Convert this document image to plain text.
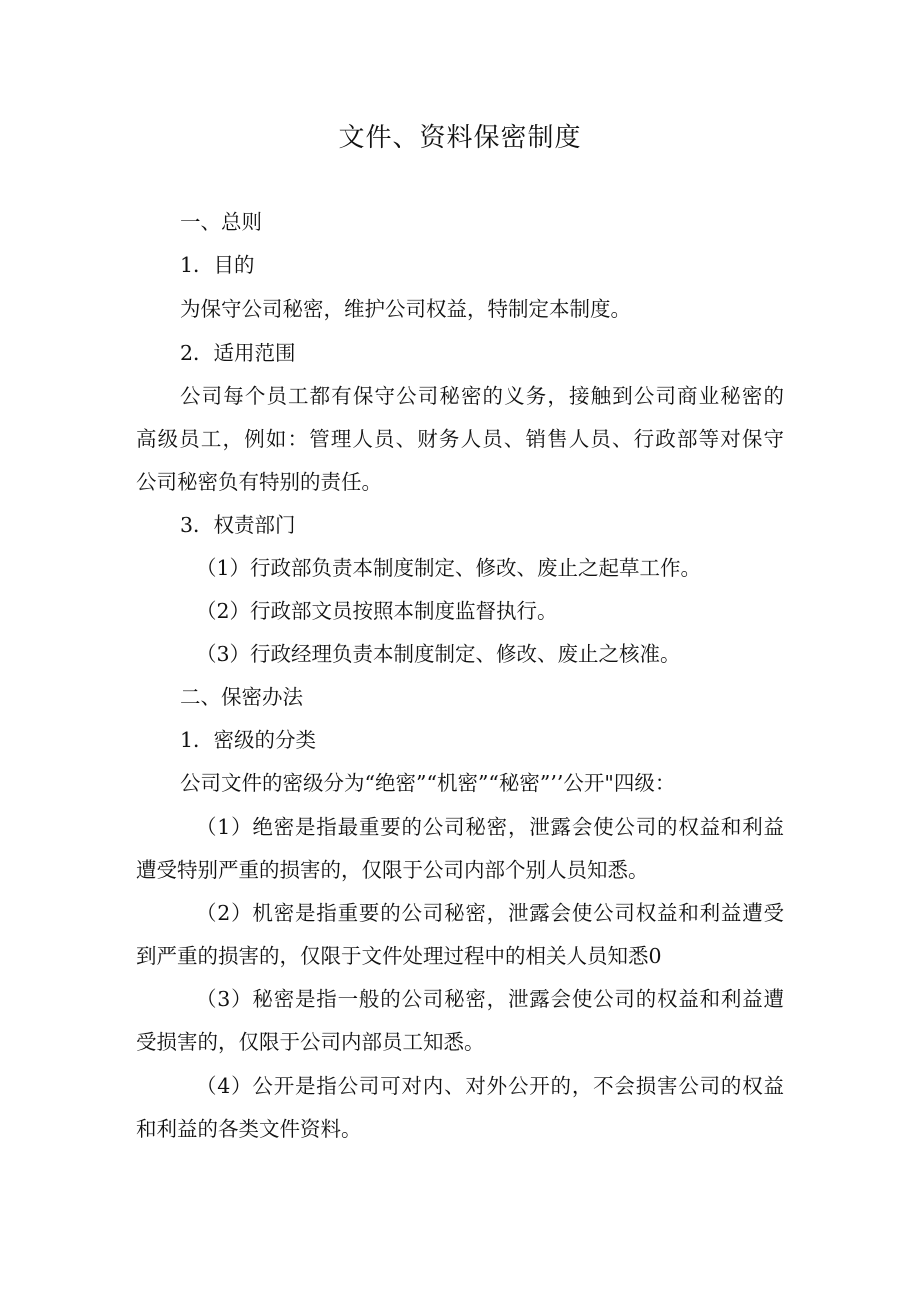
文件、资料保密制度
一、总则
1．目的
为保守公司秘密，维护公司权益，特制定本制度。
2．适用范围
公司每个员工都有保守公司秘密的义务，接触到公司商业秘密的
高级员工，例如：管理人员、财务人员、销售人员、行政部等对保守
公司秘密负有特别的责任。
3．权责部门
（1）行政部负责本制度制定、修改、废止之起草工作。
（2）行政部文员按照本制度监督执行。
（3）行政经理负责本制度制定、修改、废止之核准。
二、保密办法
1．密级的分类
公司文件的密级分为“绝密”“机密”“秘密”’’公开"四级：
（1）绝密是指最重要的公司秘密，泄露会使公司的权益和利益
遭受特别严重的损害的，仅限于公司内部个别人员知悉。
（2）机密是指重要的公司秘密，泄露会使公司权益和利益遭受
到严重的损害的，仅限于文件处理过程中的相关人员知悉0
（3）秘密是指一般的公司秘密，泄露会使公司的权益和利益遭
受损害的，仅限于公司内部员工知悉。
（4）公开是指公司可对内、对外公开的，不会损害公司的权益
和利益的各类文件资料。
